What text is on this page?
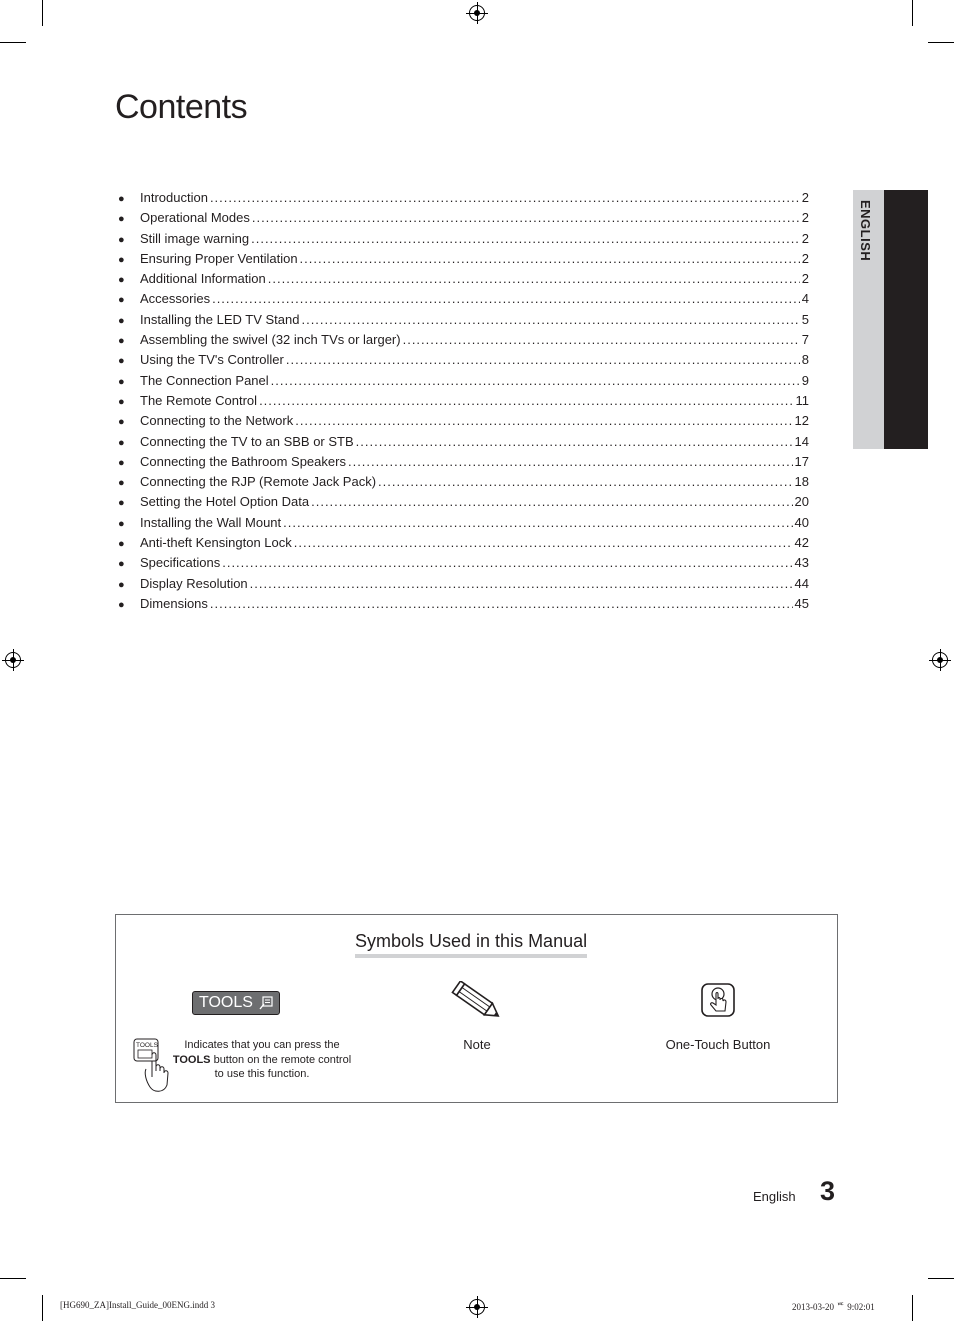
Contents
ENGLISH
●	Introduction .....	2
●	Operational Modes .....	2
●	Still image warning .....	2
●	Ensuring Proper Ventilation .....	2
●	Additional Information .....	2
●	Accessories .....	4
●	Installing the LED TV Stand .....	5
●	Assembling the swivel (32 inch TVs or larger) .....	7
●	Using the TV's Controller .....	8
●	The Connection Panel .....	9
●	The Remote Control .....	11
●	Connecting to the Network .....	12
●	Connecting the TV to an SBB or STB .....	14
●	Connecting the Bathroom Speakers .....	17
●	Connecting the RJP (Remote Jack Pack) .....	18
●	Setting the Hotel Option Data .....	20
●	Installing the Wall Mount .....	40
●	Anti-theft Kensington Lock .....	42
●	Specifications .....	43
●	Display Resolution .....	44
●	Dimensions .....	45
Symbols Used in this Manual
TOOLS
TOOLS	Indicates that you can press the
TOOLS button on the remote control to use this function.
Note	One-Touch Button
English 3
[HG690_ZA]Install_Guide_00ENG.indd 3	2013-03-20 ᄠ 9:02:01
